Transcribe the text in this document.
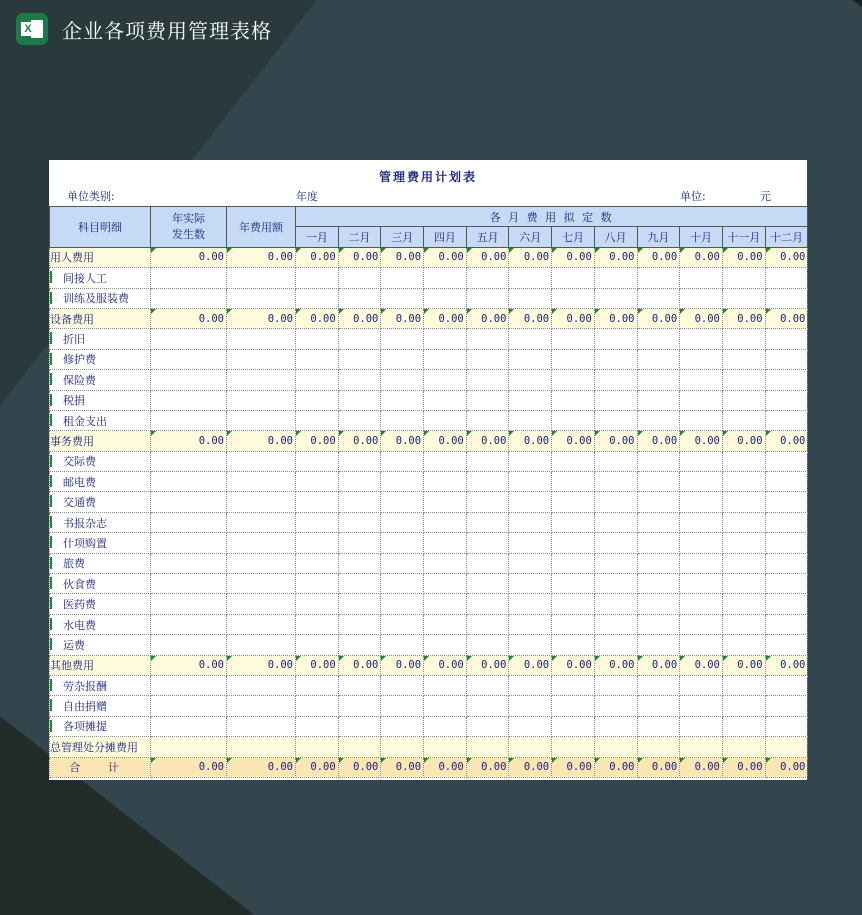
X 企业各项费用管理表格
管理费用计划表
单位类别:	年度	单位:	元
科目明细	年实际
发生数	年费用额	各 月 费 用 拟 定 数											
			一月	二月	三月	四月	五月	六月	七月	八月	九月	十月	十一月	十二月
用人费用	0.00	0.00	0.00	0.00	0.00	0.00	0.00	0.00	0.00	0.00	0.00	0.00	0.00	0.00
间接人工														
训练及服装费														
设备费用	0.00	0.00	0.00	0.00	0.00	0.00	0.00	0.00	0.00	0.00	0.00	0.00	0.00	0.00
折旧														
修护费														
保险费														
税捐														
租金支出														
事务费用	0.00	0.00	0.00	0.00	0.00	0.00	0.00	0.00	0.00	0.00	0.00	0.00	0.00	0.00
交际费														
邮电费														
交通费														
书报杂志														
什项购置														
旅费														
伙食费														
医药费														
水电费														
运费														
其他费用	0.00	0.00	0.00	0.00	0.00	0.00	0.00	0.00	0.00	0.00	0.00	0.00	0.00	0.00
劳杂报酬														
自由捐赠														
各项摊提														
总管理处分摊费用														
合 计	0.00	0.00	0.00	0.00	0.00	0.00	0.00	0.00	0.00	0.00	0.00	0.00	0.00	0.00
